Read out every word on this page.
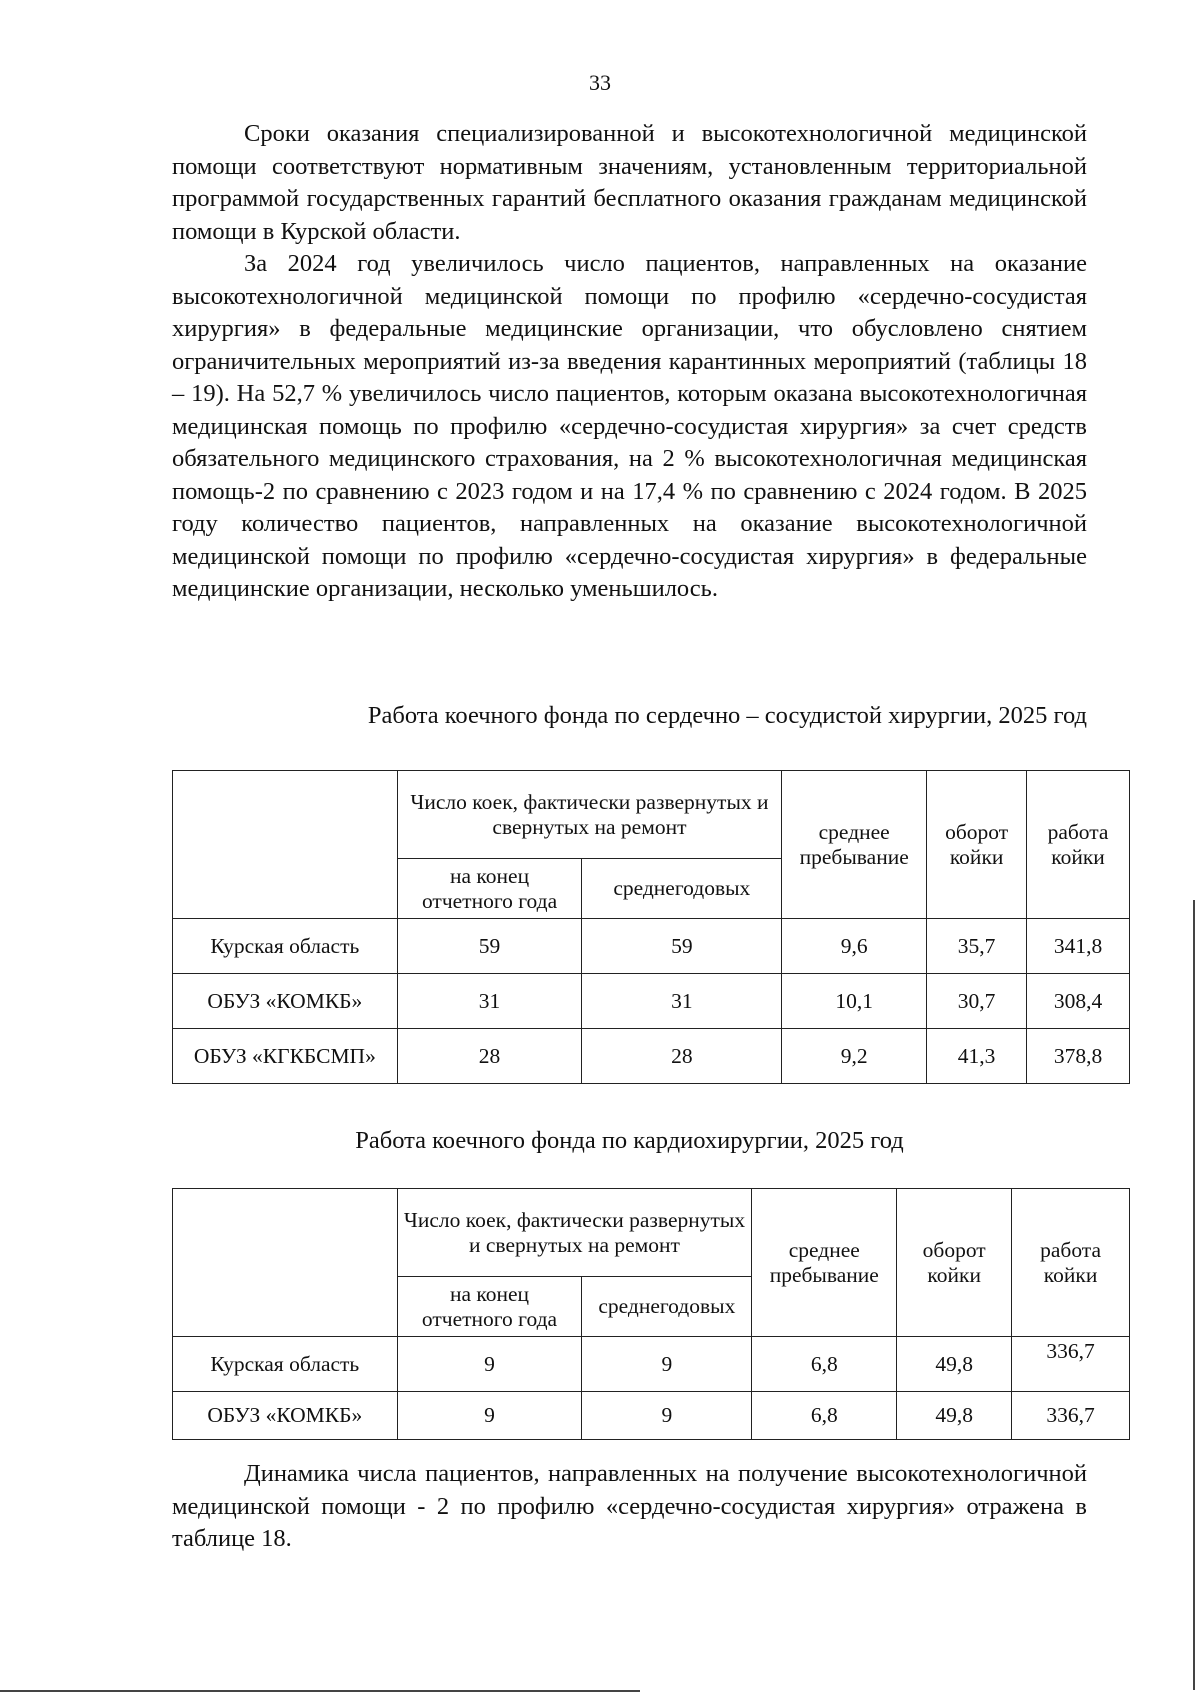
33

Сроки оказания специализированной и высокотехнологичной медицинской помощи соответствуют нормативным значениям, установленным территориальной программой государственных гарантий бесплатного оказания гражданам медицинской помощи в Курской области.

За 2024 год увеличилось число пациентов, направленных на оказание высокотехнологичной медицинской помощи по профилю «сердечно-сосудистая хирургия» в федеральные медицинские организации, что обусловлено снятием ограничительных мероприятий из-за введения карантинных мероприятий (таблицы 18 – 19). На 52,7 % увеличилось число пациентов, которым оказана высокотехнологичная медицинская помощь по профилю «сердечно-сосудистая хирургия» за счет средств обязательного медицинского страхования, на 2 % высокотехнологичная медицинская помощь-2 по сравнению с 2023 годом и на 17,4 % по сравнению с 2024 годом. В 2025 году количество пациентов, направленных на оказание высокотехнологичной медицинской помощи по профилю «сердечно-сосудистая хирургия» в федеральные медицинские организации, несколько уменьшилось.

Работа коечного фонда по сердечно – сосудистой хирургии, 2025 год

	Число коек, фактически развернутых и свернутых на ремонт		среднее пребывание	оборот койки	работа койки
	на конец отчетного года	среднегодовых			
Курская область	59	59	9,6	35,7	341,8
ОБУЗ «КОМКБ»	31	31	10,1	30,7	308,4
ОБУЗ «КГКБСМП»	28	28	9,2	41,3	378,8

Работа коечного фонда по кардиохирургии, 2025 год

	Число коек, фактически развернутых и свернутых на ремонт		среднее пребывание	оборот койки	работа койки
	на конец отчетного года	среднегодовых			
Курская область	9	9	6,8	49,8	336,7
ОБУЗ «КОМКБ»	9	9	6,8	49,8	336,7

Динамика числа пациентов, направленных на получение высокотехнологичной медицинской помощи - 2 по профилю «сердечно-сосудистая хирургия» отражена в таблице 18.
